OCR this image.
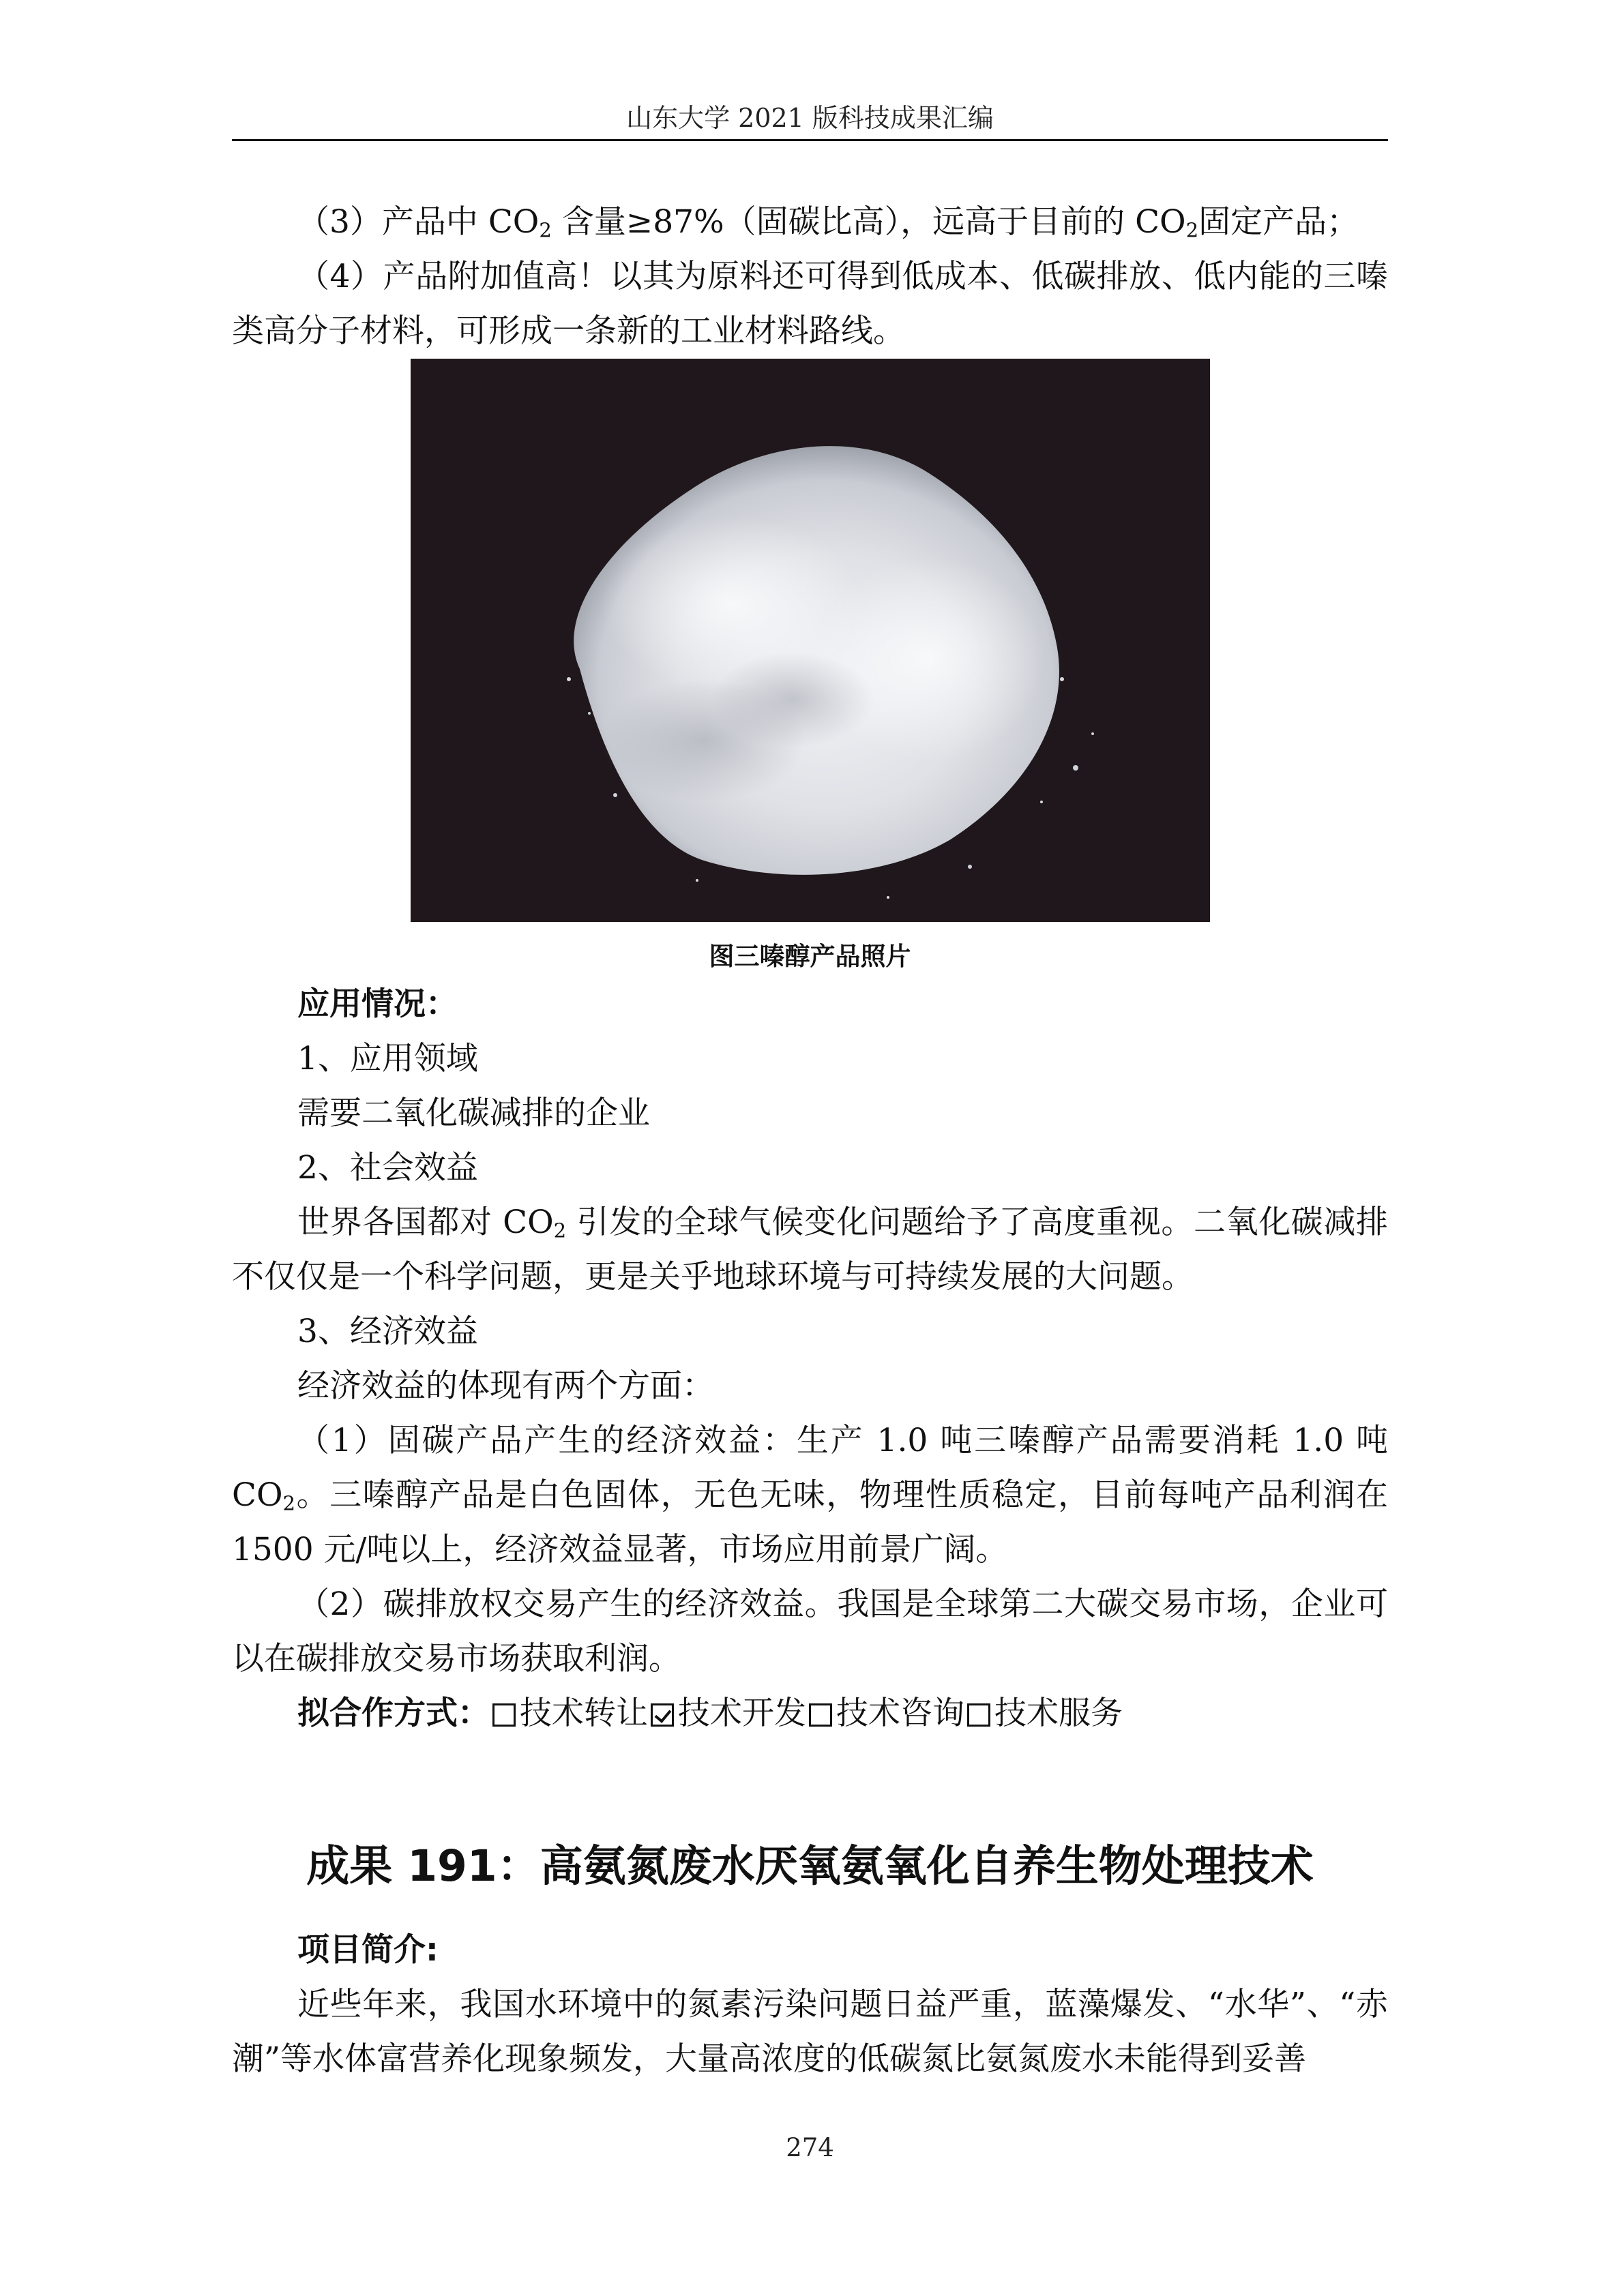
山东大学 2021 版科技成果汇编

（3）产品中 $CO_2$ 含量≥87%（固碳比高），远高于目前的 $CO_2$固定产品；

（4）产品附加值高！以其为原料还可得到低成本、低碳排放、低内能的三嗪类高分子材料，可形成一条新的工业材料路线。

图三嗪醇产品照片

应用情况：

1、应用领域

需要二氧化碳减排的企业

2、社会效益

世界各国都对 $CO_2$ 引发的全球气候变化问题给予了高度重视。二氧化碳减排不仅仅是一个科学问题，更是关乎地球环境与可持续发展的大问题。

3、经济效益

经济效益的体现有两个方面：

（1）固碳产品产生的经济效益：生产 1.0 吨三嗪醇产品需要消耗 1.0 吨 $CO_2$。三嗪醇产品是白色固体，无色无味，物理性质稳定，目前每吨产品利润在 1500 元/吨以上，经济效益显著，市场应用前景广阔。

（2）碳排放权交易产生的经济效益。我国是全球第二大碳交易市场，企业可以在碳排放交易市场获取利润。

拟合作方式： 技术转让 技术开发 技术咨询 技术服务

成果 191：高氨氮废水厌氧氨氧化自养生物处理技术

项目简介:

近些年来，我国水环境中的氮素污染问题日益严重，蓝藻爆发、“水华”、“赤潮”等水体富营养化现象频发，大量高浓度的低碳氮比氨氮废水未能得到妥善

274
